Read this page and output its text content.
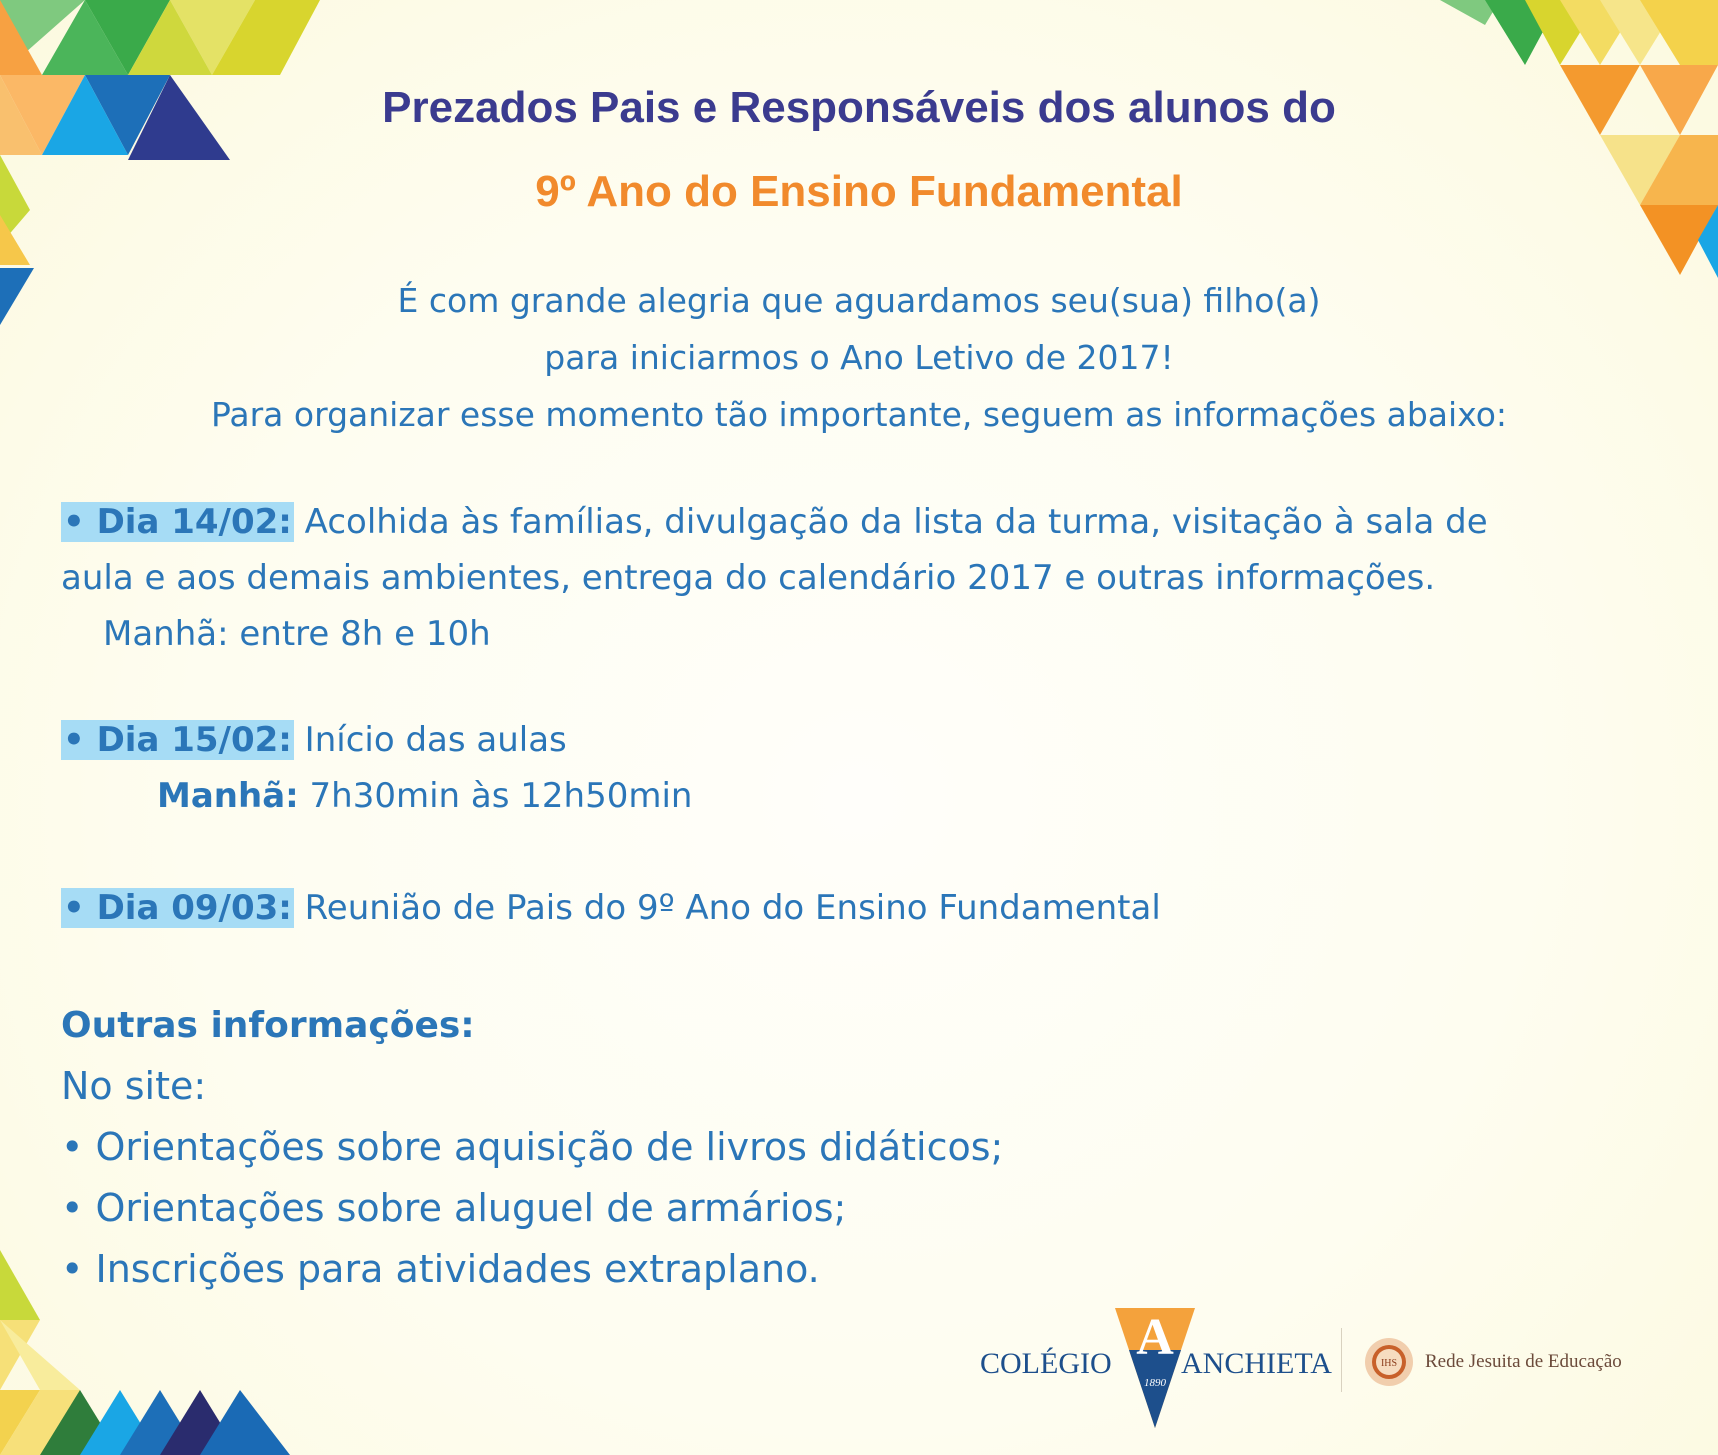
Prezados Pais e Responsáveis dos alunos do
9º Ano do Ensino Fundamental
É com grande alegria que aguardamos seu(sua) filho(a)
para iniciarmos o Ano Letivo de 2017!
Para organizar esse momento tão importante, seguem as informações abaixo:
• Dia 14/02: Acolhida às famílias, divulgação da lista da turma, visitação à sala de
aula e aos demais ambientes, entrega do calendário 2017 e outras informações.
Manhã: entre 8h e 10h
• Dia 15/02: Início das aulas
Manhã: 7h30min às 12h50min
• Dia 09/03: Reunião de Pais do 9º Ano do Ensino Fundamental
Outras informações:
No site:
• Orientações sobre aquisição de livros didáticos;
• Orientações sobre aluguel de armários;
• Inscrições para atividades extraplano.
COLÉGIO A
1890
ANCHIETA	IHS Rede Jesuita de Educação
